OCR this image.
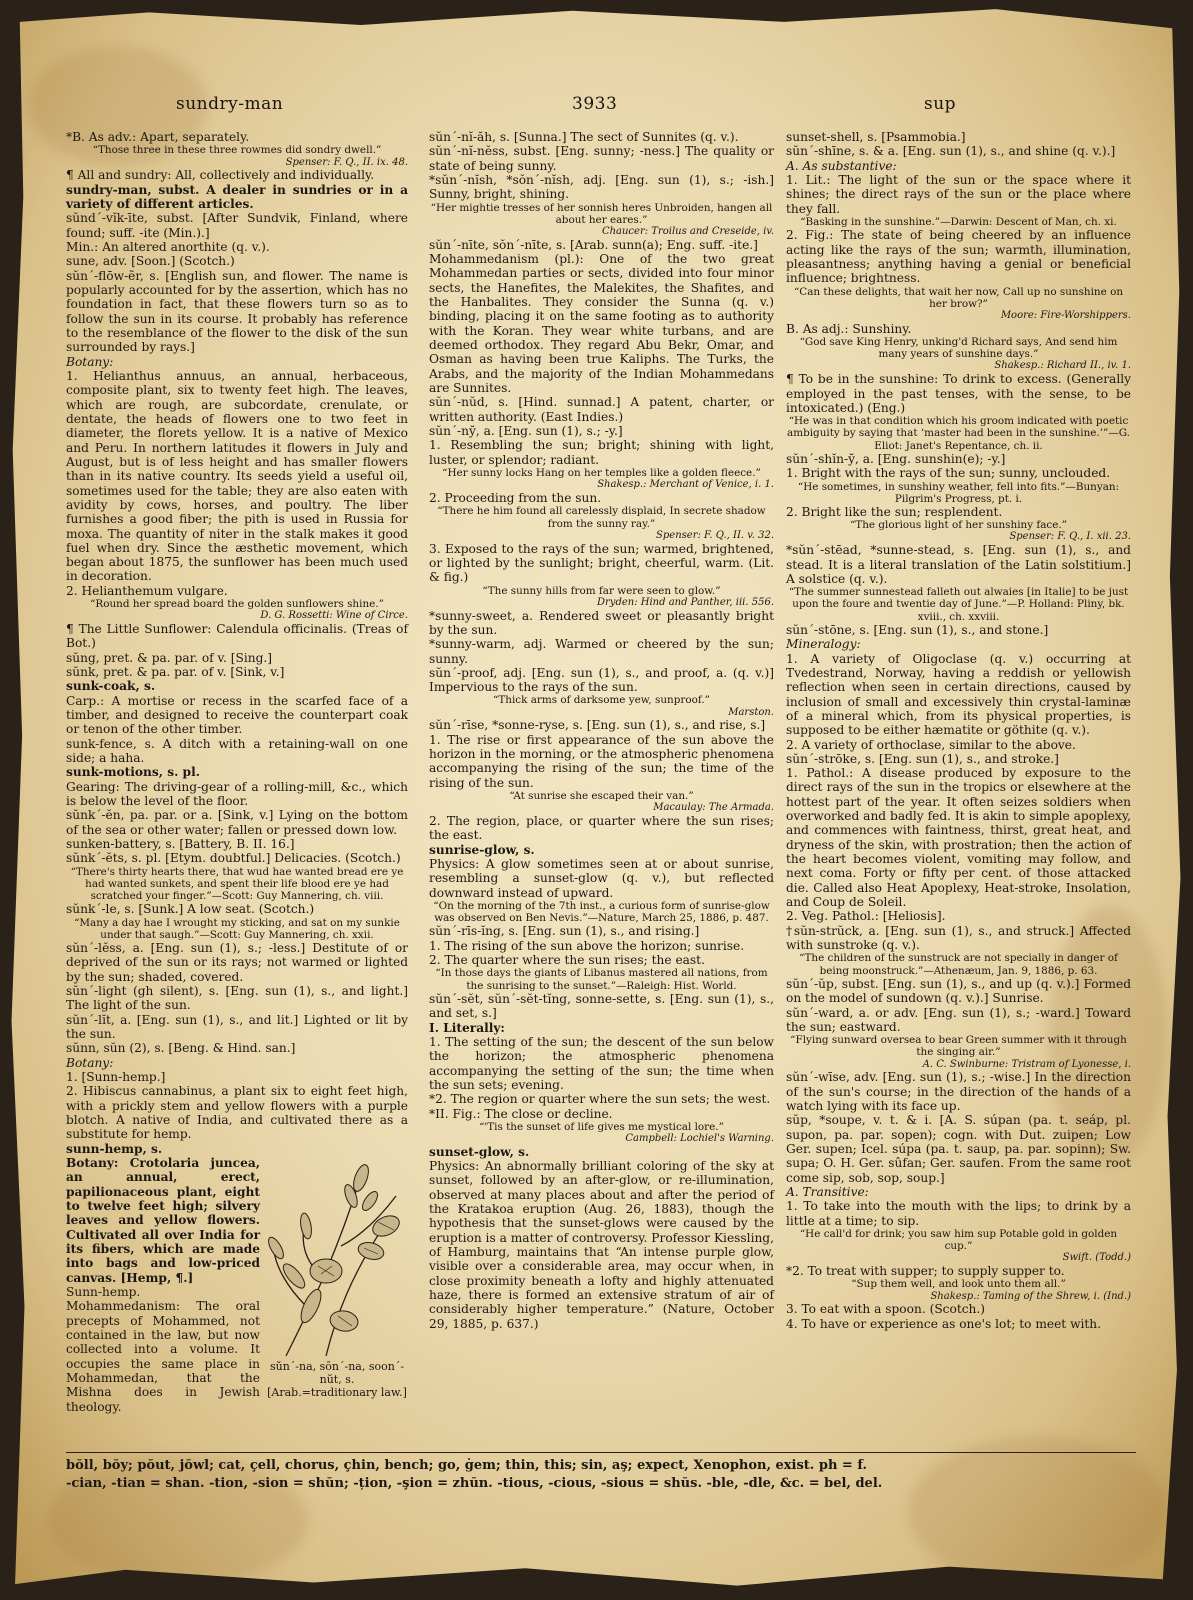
sundry-man	3933	sup

*B. As adv.: Apart, separately.

“Those three in these three rowmes did sondry dwell.”

Spenser: F. Q., II. ix. 48.

¶ All and sundry: All, collectively and individually.

sundry-man, subst. A dealer in sundries or in a variety of different articles.

sŭnd´-vĭk-īte, subst. [After Sundvik, Finland, where found; suff. -ite (Min.).]

Min.: An altered anorthite (q. v.).

sune, adv. [Soon.] (Scotch.)

sŭn´-flōw-ẽr, s. [English sun, and flower. The name is popularly accounted for by the assertion, which has no foundation in fact, that these flowers turn so as to follow the sun in its course. It probably has reference to the resemblance of the flower to the disk of the sun surrounded by rays.]

Botany:

1. Helianthus annuus, an annual, herbaceous, composite plant, six to twenty feet high. The leaves, which are rough, are subcordate, crenulate, or dentate, the heads of flowers one to two feet in diameter, the florets yellow. It is a native of Mexico and Peru. In northern latitudes it flowers in July and August, but is of less height and has smaller flowers than in its native country. Its seeds yield a useful oil, sometimes used for the table; they are also eaten with avidity by cows, horses, and poultry. The liber furnishes a good fiber; the pith is used in Russia for moxa. The quantity of niter in the stalk makes it good fuel when dry. Since the æsthetic movement, which began about 1875, the sunflower has been much used in decoration.

2. Helianthemum vulgare.

“Round her spread board the golden sunflowers shine.”

D. G. Rossetti: Wine of Circe.

¶ The Little Sunflower: Calendula officinalis. (Treas of Bot.)

sŭng, pret. & pa. par. of v. [Sing.]

sŭnk, pret. & pa. par. of v. [Sink, v.]

sunk-coak, s.

Carp.: A mortise or recess in the scarfed face of a timber, and designed to receive the counterpart coak or tenon of the other timber.

sunk-fence, s. A ditch with a retaining-wall on one side; a haha.

sunk-motions, s. pl.

Gearing: The driving-gear of a rolling-mill, &c., which is below the level of the floor.

sŭnk´-ĕn, pa. par. or a. [Sink, v.] Lying on the bottom of the sea or other water; fallen or pressed down low.

sunken-battery, s. [Battery, B. II. 16.]

sŭnk´-ĕts, s. pl. [Etym. doubtful.] Delicacies. (Scotch.)

“There's thirty hearts there, that wud hae wanted bread ere ye had wanted sunkets, and spent their life blood ere ye had scratched your finger.”—Scott: Guy Mannering, ch. viii.

sŭnk´-le, s. [Sunk.] A low seat. (Scotch.)

“Many a day hae I wrought my sticking, and sat on my sunkie under that saugh.”—Scott: Guy Mannering, ch. xxii.

sŭn´-lĕss, a. [Eng. sun (1), s.; -less.] Destitute of or deprived of the sun or its rays; not warmed or lighted by the sun; shaded, covered.

sŭn´-light (gh silent), s. [Eng. sun (1), s., and light.] The light of the sun.

sŭn´-lĭt, a. [Eng. sun (1), s., and lit.] Lighted or lit by the sun.

sŭnn, sŭn (2), s. [Beng. & Hind. san.]

Botany:

1. [Sunn-hemp.]

2. Hibiscus cannabinus, a plant six to eight feet high, with a prickly stem and yellow flowers with a purple blotch. A native of India, and cultivated there as a substitute for hemp.

sunn-hemp, s.

sŭn´-na, sōn´-na, soon´-nŭt, s. [Arab.=traditionary law.]

Botany: Crotolaria juncea, an annual, erect, papilionaceous plant, eight to twelve feet high; silvery leaves and yellow flowers. Cultivated all over India for its fibers, which are made into bags and low-priced canvas. [Hemp, ¶.]

Sunn-hemp.

Mohammedanism: The oral precepts of Mohammed, not contained in the law, but now collected into a volume. It occupies the same place in Mohammedan, that the Mishna does in Jewish theology.

sŭn´-nĭ-ăh, s. [Sunna.] The sect of Sunnites (q. v.).

sŭn´-nĭ-nĕss, subst. [Eng. sunny; -ness.] The quality or state of being sunny.

*sŭn´-nĭsh, *sŏn´-nĭsh, adj. [Eng. sun (1), s.; -ish.] Sunny, bright, shining.

“Her mightie tresses of her sonnish heres Unbroiden, hangen all about her eares.”

Chaucer: Troilus and Creseide, iv.

sŭn´-nīte, sŏn´-nīte, s. [Arab. sunn(a); Eng. suff. -ite.]

Mohammedanism (pl.): One of the two great Mohammedan parties or sects, divided into four minor sects, the Hanefites, the Malekites, the Shafites, and the Hanbalites. They consider the Sunna (q. v.) binding, placing it on the same footing as to authority with the Koran. They wear white turbans, and are deemed orthodox. They regard Abu Bekr, Omar, and Osman as having been true Kaliphs. The Turks, the Arabs, and the majority of the Indian Mohammedans are Sunnites.

sŭn´-nŭd, s. [Hind. sunnad.] A patent, charter, or written authority. (East Indies.)

sŭn´-ny̆, a. [Eng. sun (1), s.; -y.]

1. Resembling the sun; bright; shining with light, luster, or splendor; radiant.

“Her sunny locks Hang on her temples like a golden fleece.”

Shakesp.: Merchant of Venice, i. 1.

2. Proceeding from the sun.

“There he him found all carelessly displaid, In secrete shadow from the sunny ray.”

Spenser: F. Q., II. v. 32.

3. Exposed to the rays of the sun; warmed, brightened, or lighted by the sunlight; bright, cheerful, warm. (Lit. & fig.)

“The sunny hills from far were seen to glow.”

Dryden: Hind and Panther, iii. 556.

*sunny-sweet, a. Rendered sweet or pleasantly bright by the sun.

*sunny-warm, adj. Warmed or cheered by the sun; sunny.

sŭn´-proof, adj. [Eng. sun (1), s., and proof, a. (q. v.)] Impervious to the rays of the sun.

“Thick arms of darksome yew, sunproof.”

Marston.

sŭn´-rīse, *sonne-ryse, s. [Eng. sun (1), s., and rise, s.]

1. The rise or first appearance of the sun above the horizon in the morning, or the atmospheric phenomena accompanying the rising of the sun; the time of the rising of the sun.

“At sunrise she escaped their van.”

Macaulay: The Armada.

2. The region, place, or quarter where the sun rises; the east.

sunrise-glow, s.

Physics: A glow sometimes seen at or about sunrise, resembling a sunset-glow (q. v.), but reflected downward instead of upward.

“On the morning of the 7th inst., a curious form of sunrise-glow was observed on Ben Nevis.”—Nature, March 25, 1886, p. 487.

sŭn´-rīs-ĭng, s. [Eng. sun (1), s., and rising.]

1. The rising of the sun above the horizon; sunrise.

2. The quarter where the sun rises; the east.

“In those days the giants of Libanus mastered all nations, from the sunrising to the sunset.”—Raleigh: Hist. World.

sŭn´-sĕt, sŭn´-sĕt-tĭng, sonne-sette, s. [Eng. sun (1), s., and set, s.]

I. Literally:

1. The setting of the sun; the descent of the sun below the horizon; the atmospheric phenomena accompanying the setting of the sun; the time when the sun sets; evening.

*2. The region or quarter where the sun sets; the west.

*II. Fig.: The close or decline.

“'Tis the sunset of life gives me mystical lore.”

Campbell: Lochiel's Warning.

sunset-glow, s.

Physics: An abnormally brilliant coloring of the sky at sunset, followed by an after-glow, or re-illumination, observed at many places about and after the period of the Kratakoa eruption (Aug. 26, 1883), though the hypothesis that the sunset-glows were caused by the eruption is a matter of controversy. Professor Kiessling, of Hamburg, maintains that “An intense purple glow, visible over a considerable area, may occur when, in close proximity beneath a lofty and highly attenuated haze, there is formed an extensive stratum of air of considerably higher temperature.” (Nature, October 29, 1885, p. 637.)

sunset-shell, s. [Psammobia.]

sŭn´-shīne, s. & a. [Eng. sun (1), s., and shine (q. v.).]

A. As substantive:

1. Lit.: The light of the sun or the space where it shines; the direct rays of the sun or the place where they fall.

“Basking in the sunshine.”—Darwin: Descent of Man, ch. xi.

2. Fig.: The state of being cheered by an influence acting like the rays of the sun; warmth, illumination, pleasantness; anything having a genial or beneficial influence; brightness.

“Can these delights, that wait her now, Call up no sunshine on her brow?”

Moore: Fire-Worshippers.

B. As adj.: Sunshiny.

“God save King Henry, unking'd Richard says, And send him many years of sunshine days.”

Shakesp.: Richard II., iv. 1.

¶ To be in the sunshine: To drink to excess. (Generally employed in the past tenses, with the sense, to be intoxicated.) (Eng.)

“He was in that condition which his groom indicated with poetic ambiguity by saying that ‘master had been in the sunshine.’”—G. Eliot: Janet's Repentance, ch. ii.

sŭn´-shĭn-y̆, a. [Eng. sunshin(e); -y.]

1. Bright with the rays of the sun; sunny, unclouded.

“He sometimes, in sunshiny weather, fell into fits.”—Bunyan: Pilgrim's Progress, pt. i.

2. Bright like the sun; resplendent.

“The glorious light of her sunshiny face.”

Spenser: F. Q., I. xii. 23.

*sŭn´-stēad, *sunne-stead, s. [Eng. sun (1), s., and stead. It is a literal translation of the Latin solstitium.] A solstice (q. v.).

“The summer sunnestead falleth out alwaies [in Italie] to be just upon the foure and twentie day of June.”—P. Holland: Pliny, bk. xviii., ch. xxviii.

sŭn´-stōne, s. [Eng. sun (1), s., and stone.]

Mineralogy:

1. A variety of Oligoclase (q. v.) occurring at Tvedestrand, Norway, having a reddish or yellowish reflection when seen in certain directions, caused by inclusion of small and excessively thin crystal-laminæ of a mineral which, from its physical properties, is supposed to be either hæmatite or göthite (q. v.).

2. A variety of orthoclase, similar to the above.

sŭn´-strōke, s. [Eng. sun (1), s., and stroke.]

1. Pathol.: A disease produced by exposure to the direct rays of the sun in the tropics or elsewhere at the hottest part of the year. It often seizes soldiers when overworked and badly fed. It is akin to simple apoplexy, and commences with faintness, thirst, great heat, and dryness of the skin, with prostration; then the action of the heart becomes violent, vomiting may follow, and next coma. Forty or fifty per cent. of those attacked die. Called also Heat Apoplexy, Heat-stroke, Insolation, and Coup de Soleil.

2. Veg. Pathol.: [Heliosis].

†sŭn-strŭck, a. [Eng. sun (1), s., and struck.] Affected with sunstroke (q. v.).

“The children of the sunstruck are not specially in danger of being moonstruck.”—Athenæum, Jan. 9, 1886, p. 63.

sŭn´-ŭp, subst. [Eng. sun (1), s., and up (q. v.).] Formed on the model of sundown (q. v.).] Sunrise.

sŭn´-ward, a. or adv. [Eng. sun (1), s.; -ward.] Toward the sun; eastward.

“Flying sunward oversea to bear Green summer with it through the singing air.”

A. C. Swinburne: Tristram of Lyonesse, i.

sŭn´-wīse, adv. [Eng. sun (1), s.; -wise.] In the direction of the sun's course; in the direction of the hands of a watch lying with its face up.

sŭp, *soupe, v. t. & i. [A. S. súpan (pa. t. seáp, pl. supon, pa. par. sopen); cogn. with Dut. zuipen; Low Ger. supen; Icel. súpa (pa. t. saup, pa. par. sopinn); Sw. supa; O. H. Ger. sûfan; Ger. saufen. From the same root come sip, sob, sop, soup.]

A. Transitive:

1. To take into the mouth with the lips; to drink by a little at a time; to sip.

“He call'd for drink; you saw him sup Potable gold in golden cup.”

Swift. (Todd.)

*2. To treat with supper; to supply supper to.

“Sup them well, and look unto them all.”

Shakesp.: Taming of the Shrew, i. (Ind.)

3. To eat with a spoon. (Scotch.)

4. To have or experience as one's lot; to meet with.

bŏll, bŏy; pŏut, jŏwl; cat, çell, chorus, çhin, bench; go, ġem; thin, this; sin, aş; expect, Xenophon, exist. ph = f.
-cian, -tian = shan. -tion, -sion = shŭn; -țion, -şion = zhŭn. -tious, -cious, -sious = shŭs. -ble, -dle, &c. = bel, del.
